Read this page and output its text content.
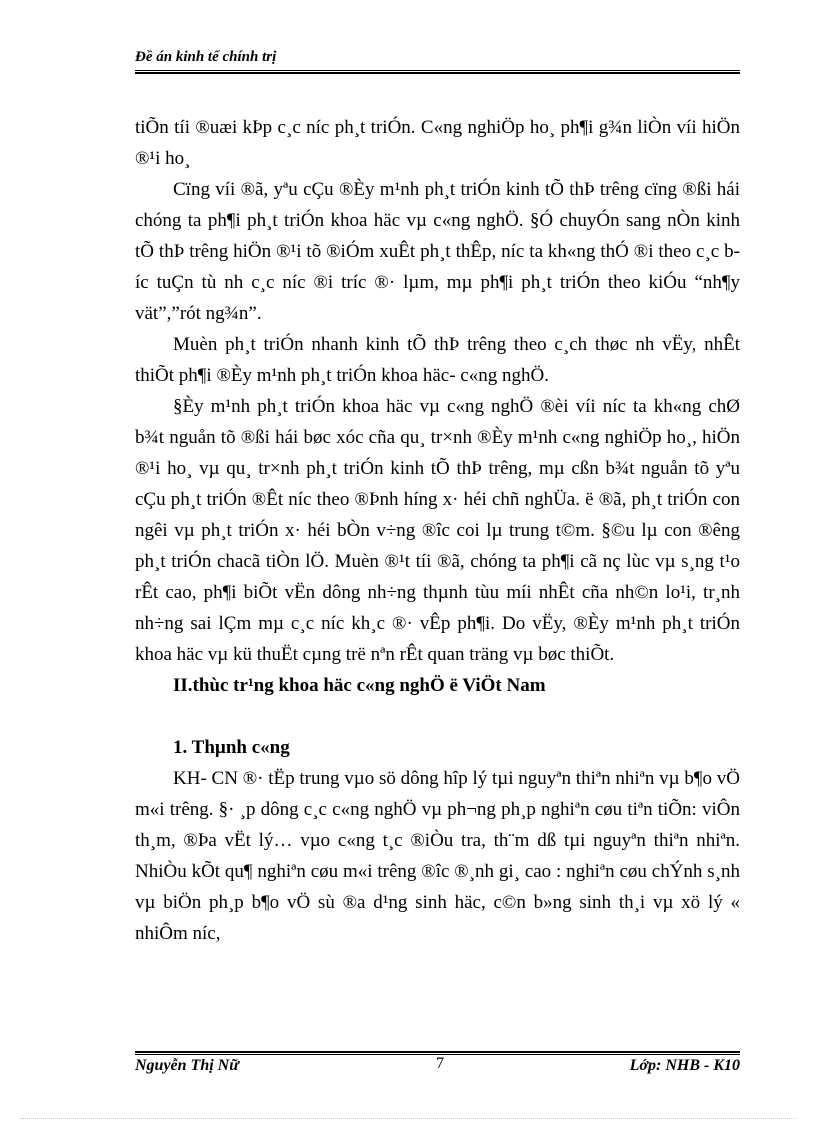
Đề án kinh tế chính trị

tiÕn tíi ®uæi kÞp c¸c níc ph¸t triÓn. C«ng nghiÖp ho¸ ph¶i g¾n liÒn víi hiÖn ®¹i ho¸

Cïng víi ®ã, yªu cÇu ®Èy m¹nh ph¸t triÓn kinh tÕ thÞ trêng cïng ®ßi hái chóng ta ph¶i ph¸t triÓn khoa häc vµ c«ng nghÖ. §Ó chuyÓn sang nÒn kinh tÕ thÞ trêng hiÖn ®¹i tõ ®iÓm xuÊt ph¸t thÊp, níc ta kh«ng thÓ ®i theo c¸c bíc tuÇn tù nh c¸c níc ®i tríc ®· lµm, mµ ph¶i ph¸t triÓn theo kiÓu “nh¶y vät”,”rót ng¾n”.

Muèn ph¸t triÓn nhanh kinh tÕ thÞ trêng theo c¸ch thøc nh vËy, nhÊt thiÕt ph¶i ®Èy m¹nh ph¸t triÓn khoa häc- c«ng nghÖ.

§Èy m¹nh ph¸t triÓn khoa häc vµ c«ng nghÖ ®èi víi níc ta kh«ng chØ b¾t nguån tõ ®ßi hái bøc xóc cña qu¸ tr×nh ®Èy m¹nh c«ng nghiÖp ho¸, hiÖn ®¹i ho¸ vµ qu¸ tr×nh ph¸t triÓn kinh tÕ thÞ trêng, mµ cßn b¾t nguån tõ yªu cÇu ph¸t triÓn ®Êt níc theo ®Þnh híng x· héi chñ nghÜa. ë ®ã, ph¸t triÓn con ngêi vµ ph¸t triÓn x· héi bÒn v÷ng ®îc coi lµ trung t©m. §©u lµ con ®êng ph¸t triÓn chacã tiÒn lÖ. Muèn ®¹t tíi ®ã, chóng ta ph¶i cã nç lùc vµ s¸ng t¹o rÊt cao, ph¶i biÕt vËn dông nh÷ng thµnh tùu míi nhÊt cña nh©n lo¹i, tr¸nh nh÷ng sai lÇm mµ c¸c níc kh¸c ®· vÊp ph¶i. Do vËy, ®Èy m¹nh ph¸t triÓn khoa häc vµ kü thuËt cµng trë nªn rÊt quan träng vµ bøc thiÕt.

II.thùc tr¹ng khoa häc c«ng nghÖ ë ViÖt Nam

1. Thµnh c«ng

KH- CN ®· tËp trung vµo sö dông hîp lý tµi nguyªn thiªn nhiªn vµ b¶o vÖ m«i trêng. §· ¸p dông c¸c c«ng nghÖ vµ ph¬ng ph¸p nghiªn cøu tiªn tiÕn: viÔn th¸m, ®Þa vËt lý… vµo c«ng t¸c ®iÒu tra, th¨m dß tµi nguyªn thiªn nhiªn. NhiÒu kÕt qu¶ nghiªn cøu m«i trêng ®îc ®¸nh gi¸ cao : nghiªn cøu chÝnh s¸nh vµ biÖn ph¸p b¶o vÖ sù ®a d¹ng sinh häc, c©n b»ng sinh th¸i vµ xö lý « nhiÔm níc,

Nguyễn Thị Nữ	7	Lớp: NHB - K10
